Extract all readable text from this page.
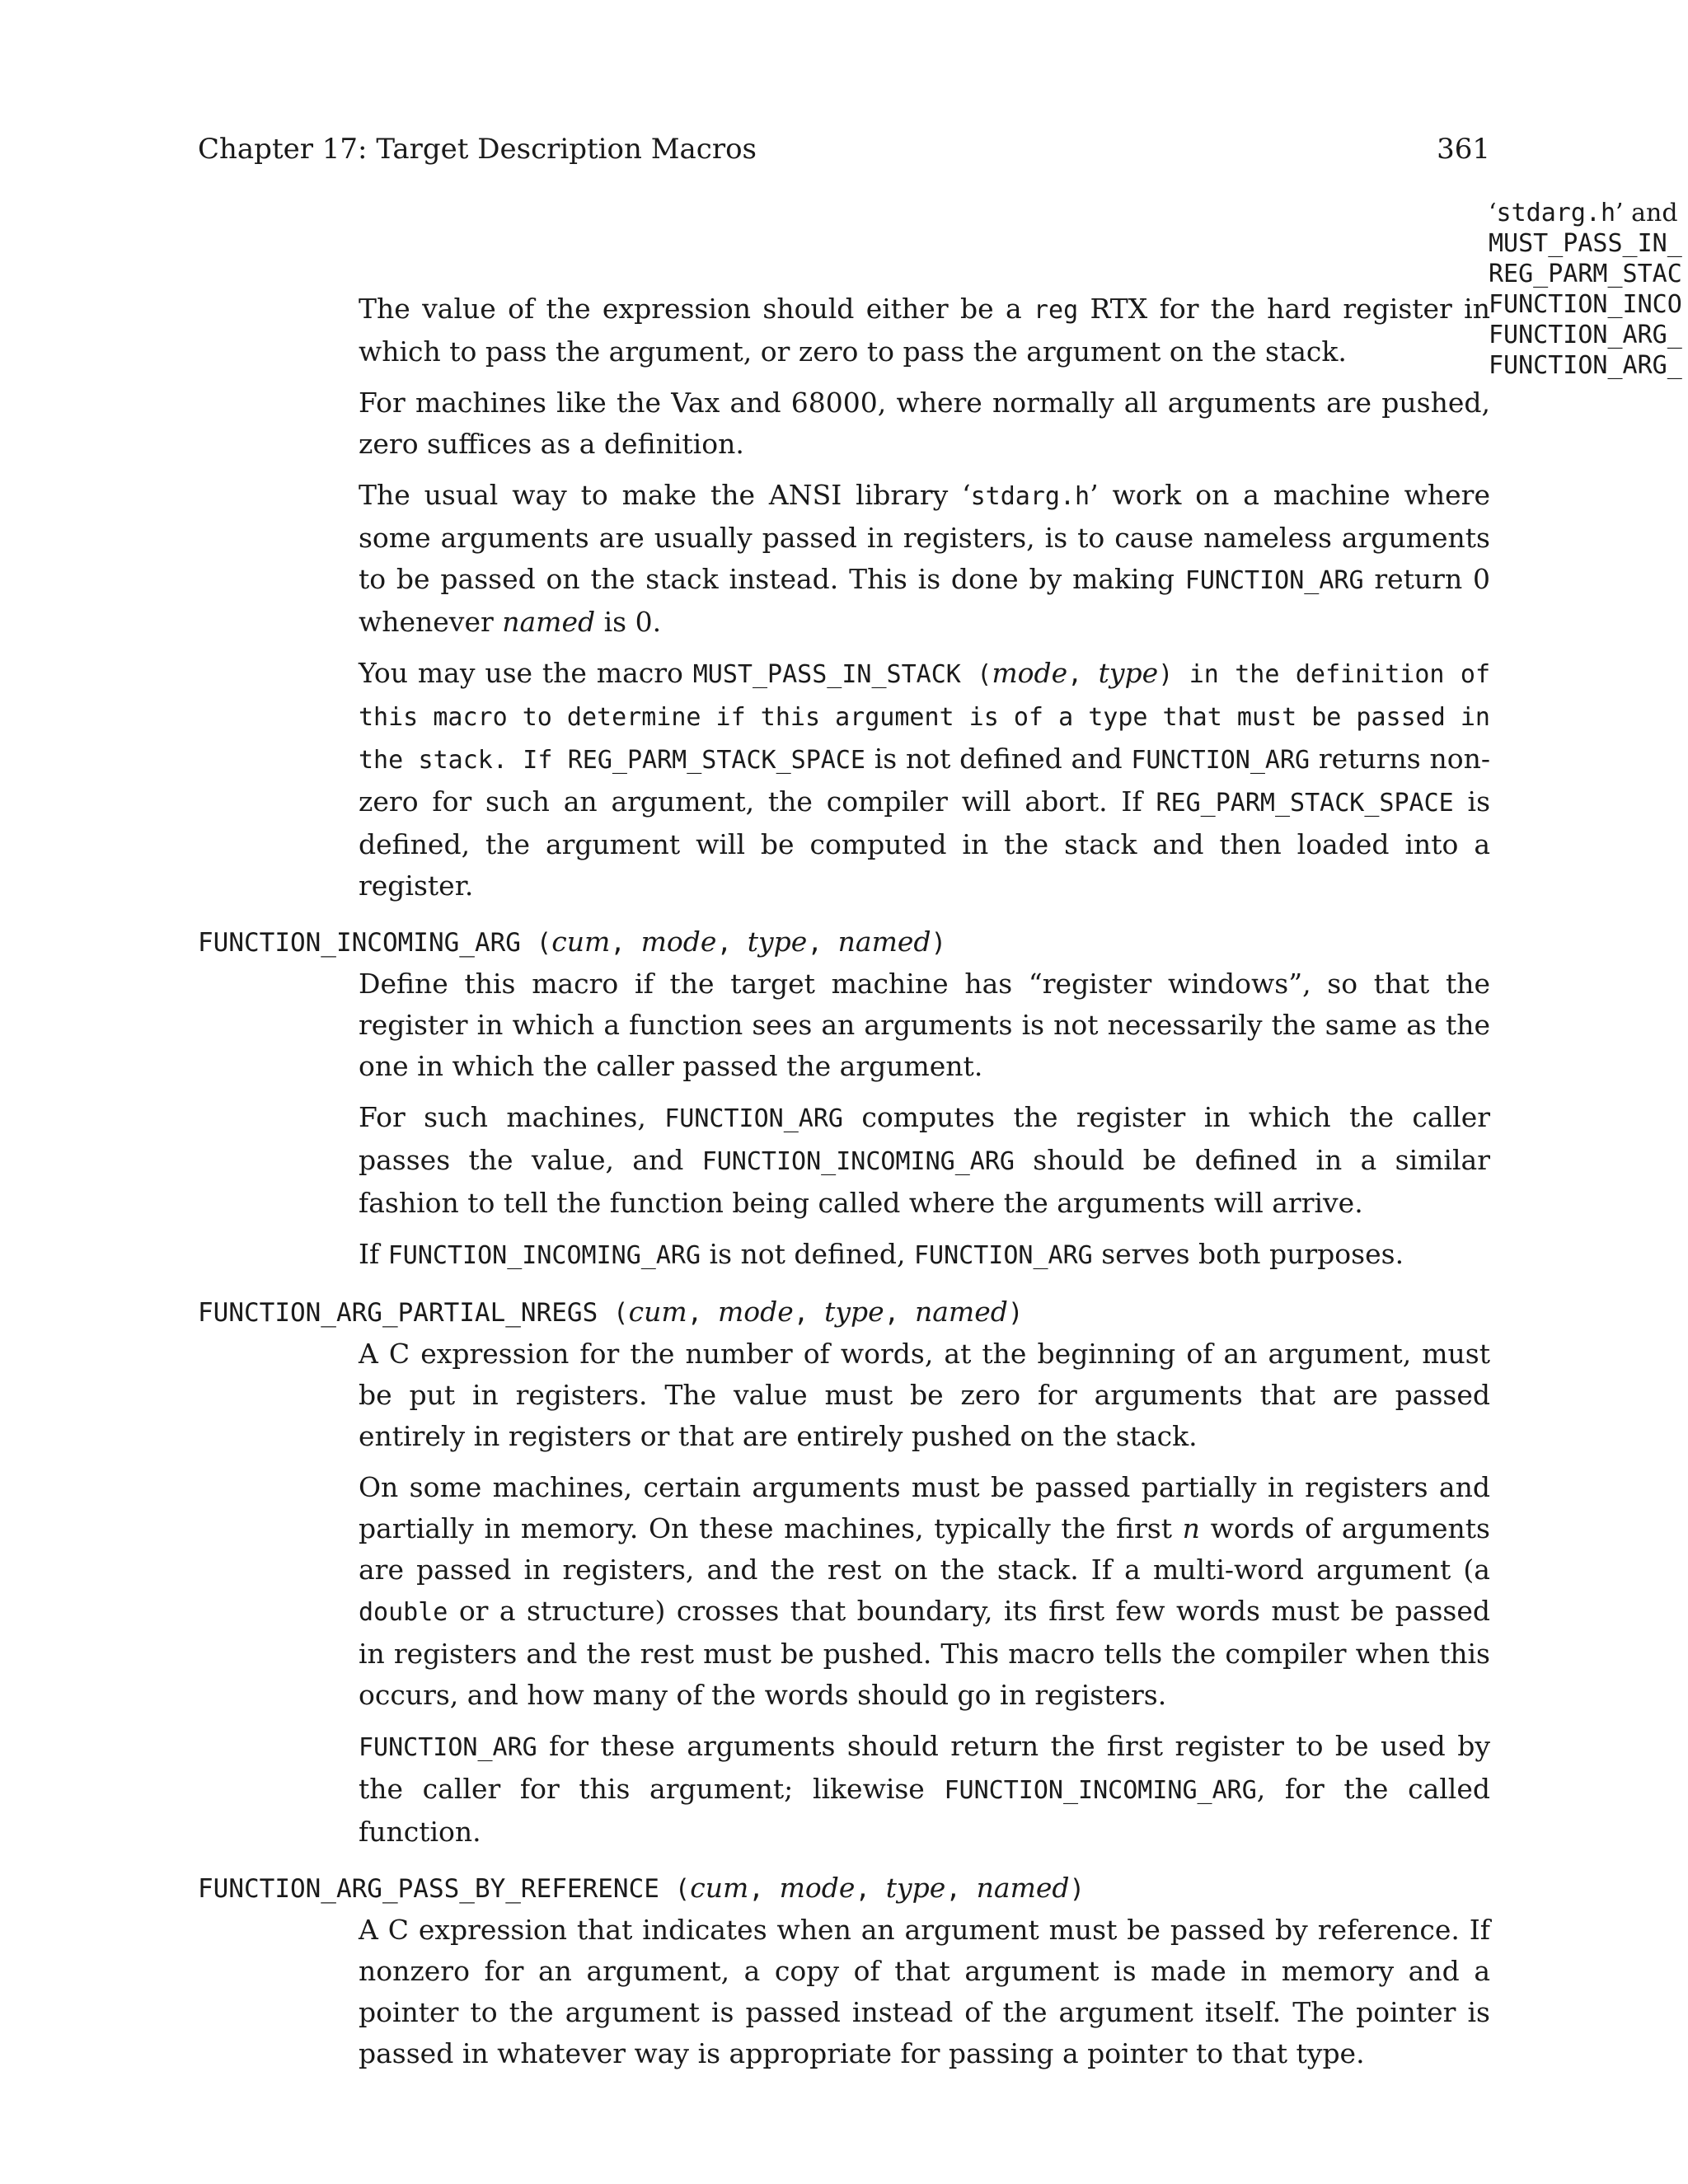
Chapter 17: Target Description Macros	361
‘stdarg.h’ and
MUST_PASS_IN_
REG_PARM_STAC
FUNCTION_INCO
FUNCTION_ARG_
FUNCTION_ARG_

The value of the expression should either be a reg RTX for the hard register in which to pass the argument, or zero to pass the argument on the stack.

For machines like the Vax and 68000, where normally all arguments are pushed, zero suffices as a definition.

The usual way to make the ANSI library ‘stdarg.h’ work on a machine where some arguments are usually passed in registers, is to cause nameless arguments to be passed on the stack instead. This is done by making FUNCTION_ARG return 0 whenever named is 0.

You may use the macro MUST_PASS_IN_STACK (mode, type) in the definition of this macro to determine if this argument is of a type that must be passed in the stack. If REG_PARM_STACK_SPACE is not defined and FUNCTION_ARG returns non-zero for such an argument, the compiler will abort. If REG_PARM_STACK_SPACE is defined, the argument will be computed in the stack and then loaded into a register.

FUNCTION_INCOMING_ARG (cum, mode, type, named)

Define this macro if the target machine has “register windows”, so that the register in which a function sees an arguments is not necessarily the same as the one in which the caller passed the argument.

For such machines, FUNCTION_ARG computes the register in which the caller passes the value, and FUNCTION_INCOMING_ARG should be defined in a similar fashion to tell the function being called where the arguments will arrive.

If FUNCTION_INCOMING_ARG is not defined, FUNCTION_ARG serves both purposes.

FUNCTION_ARG_PARTIAL_NREGS (cum, mode, type, named)

A C expression for the number of words, at the beginning of an argument, must be put in registers. The value must be zero for arguments that are passed entirely in registers or that are entirely pushed on the stack.

On some machines, certain arguments must be passed partially in registers and partially in memory. On these machines, typically the first n words of arguments are passed in registers, and the rest on the stack. If a multi-word argument (a double or a structure) crosses that boundary, its first few words must be passed in registers and the rest must be pushed. This macro tells the compiler when this occurs, and how many of the words should go in registers.

FUNCTION_ARG for these arguments should return the first register to be used by the caller for this argument; likewise FUNCTION_INCOMING_ARG, for the called function.

FUNCTION_ARG_PASS_BY_REFERENCE (cum, mode, type, named)

A C expression that indicates when an argument must be passed by reference. If nonzero for an argument, a copy of that argument is made in memory and a pointer to the argument is passed instead of the argument itself. The pointer is passed in whatever way is appropriate for passing a pointer to that type.
